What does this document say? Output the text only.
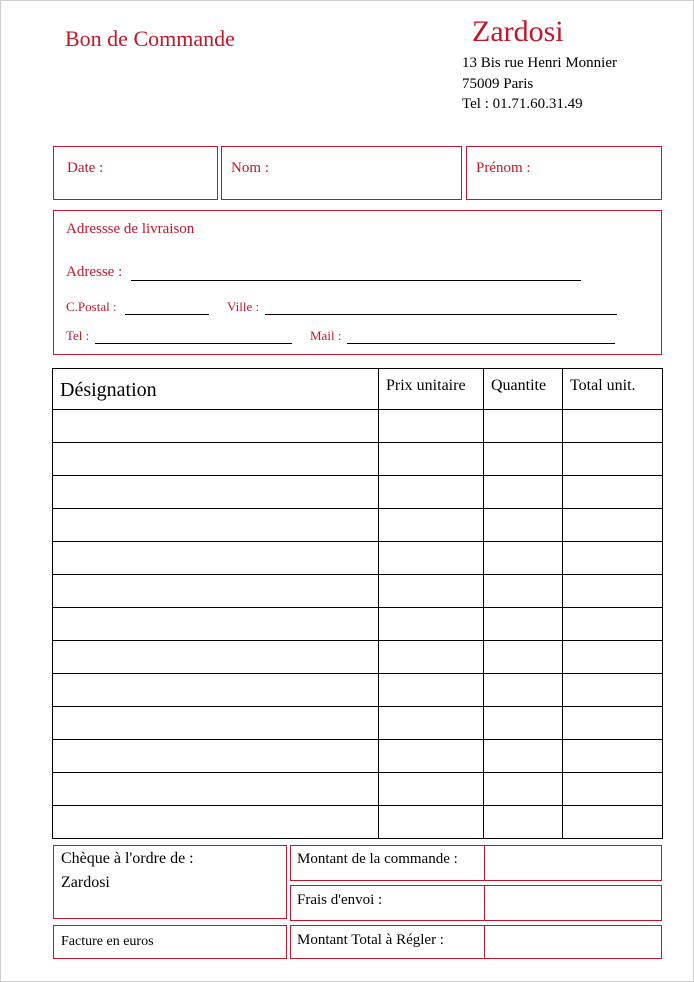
Bon de Commande	Zardosi
13 Bis rue Henri Monnier
75009 Paris
Tel : 01.71.60.31.49
Date :	Nom :	Prénom :
Adressse de livraison
Adresse :
C.Postal :	Ville :
Tel :	Mail :
Désignation	Prix unitaire	Quantite	Total unit.

Chèque à l'ordre de :
Zardosi
Facture en euros
Montant de la commande :
Frais d'envoi :
Montant Total à Régler :
